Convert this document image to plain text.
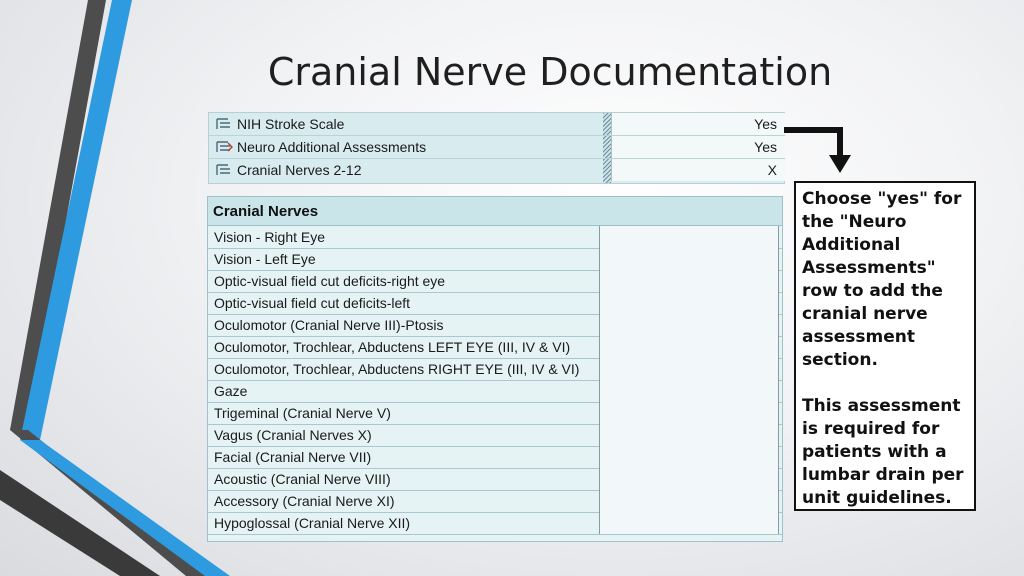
Cranial Nerve Documentation
NIH Stroke Scale	Yes
Neuro Additional Assessments	Yes
Cranial Nerves 2-12	X
Cranial Nerves
Vision - Right Eye
Vision - Left Eye
Optic-visual field cut deficits-right eye
Optic-visual field cut deficits-left
Oculomotor (Cranial Nerve III)-Ptosis
Oculomotor, Trochlear, Abductens LEFT EYE (III, IV & VI)
Oculomotor, Trochlear, Abductens RIGHT EYE (III, IV & VI)
Gaze
Trigeminal (Cranial Nerve V)
Vagus (Cranial Nerves X)
Facial (Cranial Nerve VII)
Acoustic (Cranial Nerve VIII)
Accessory (Cranial Nerve XI)
Hypoglossal (Cranial Nerve XII)

Choose "yes" for the "Neuro Additional Assessments" row to add the cranial nerve assessment section.

This assessment is required for patients with a lumbar drain per unit guidelines.
